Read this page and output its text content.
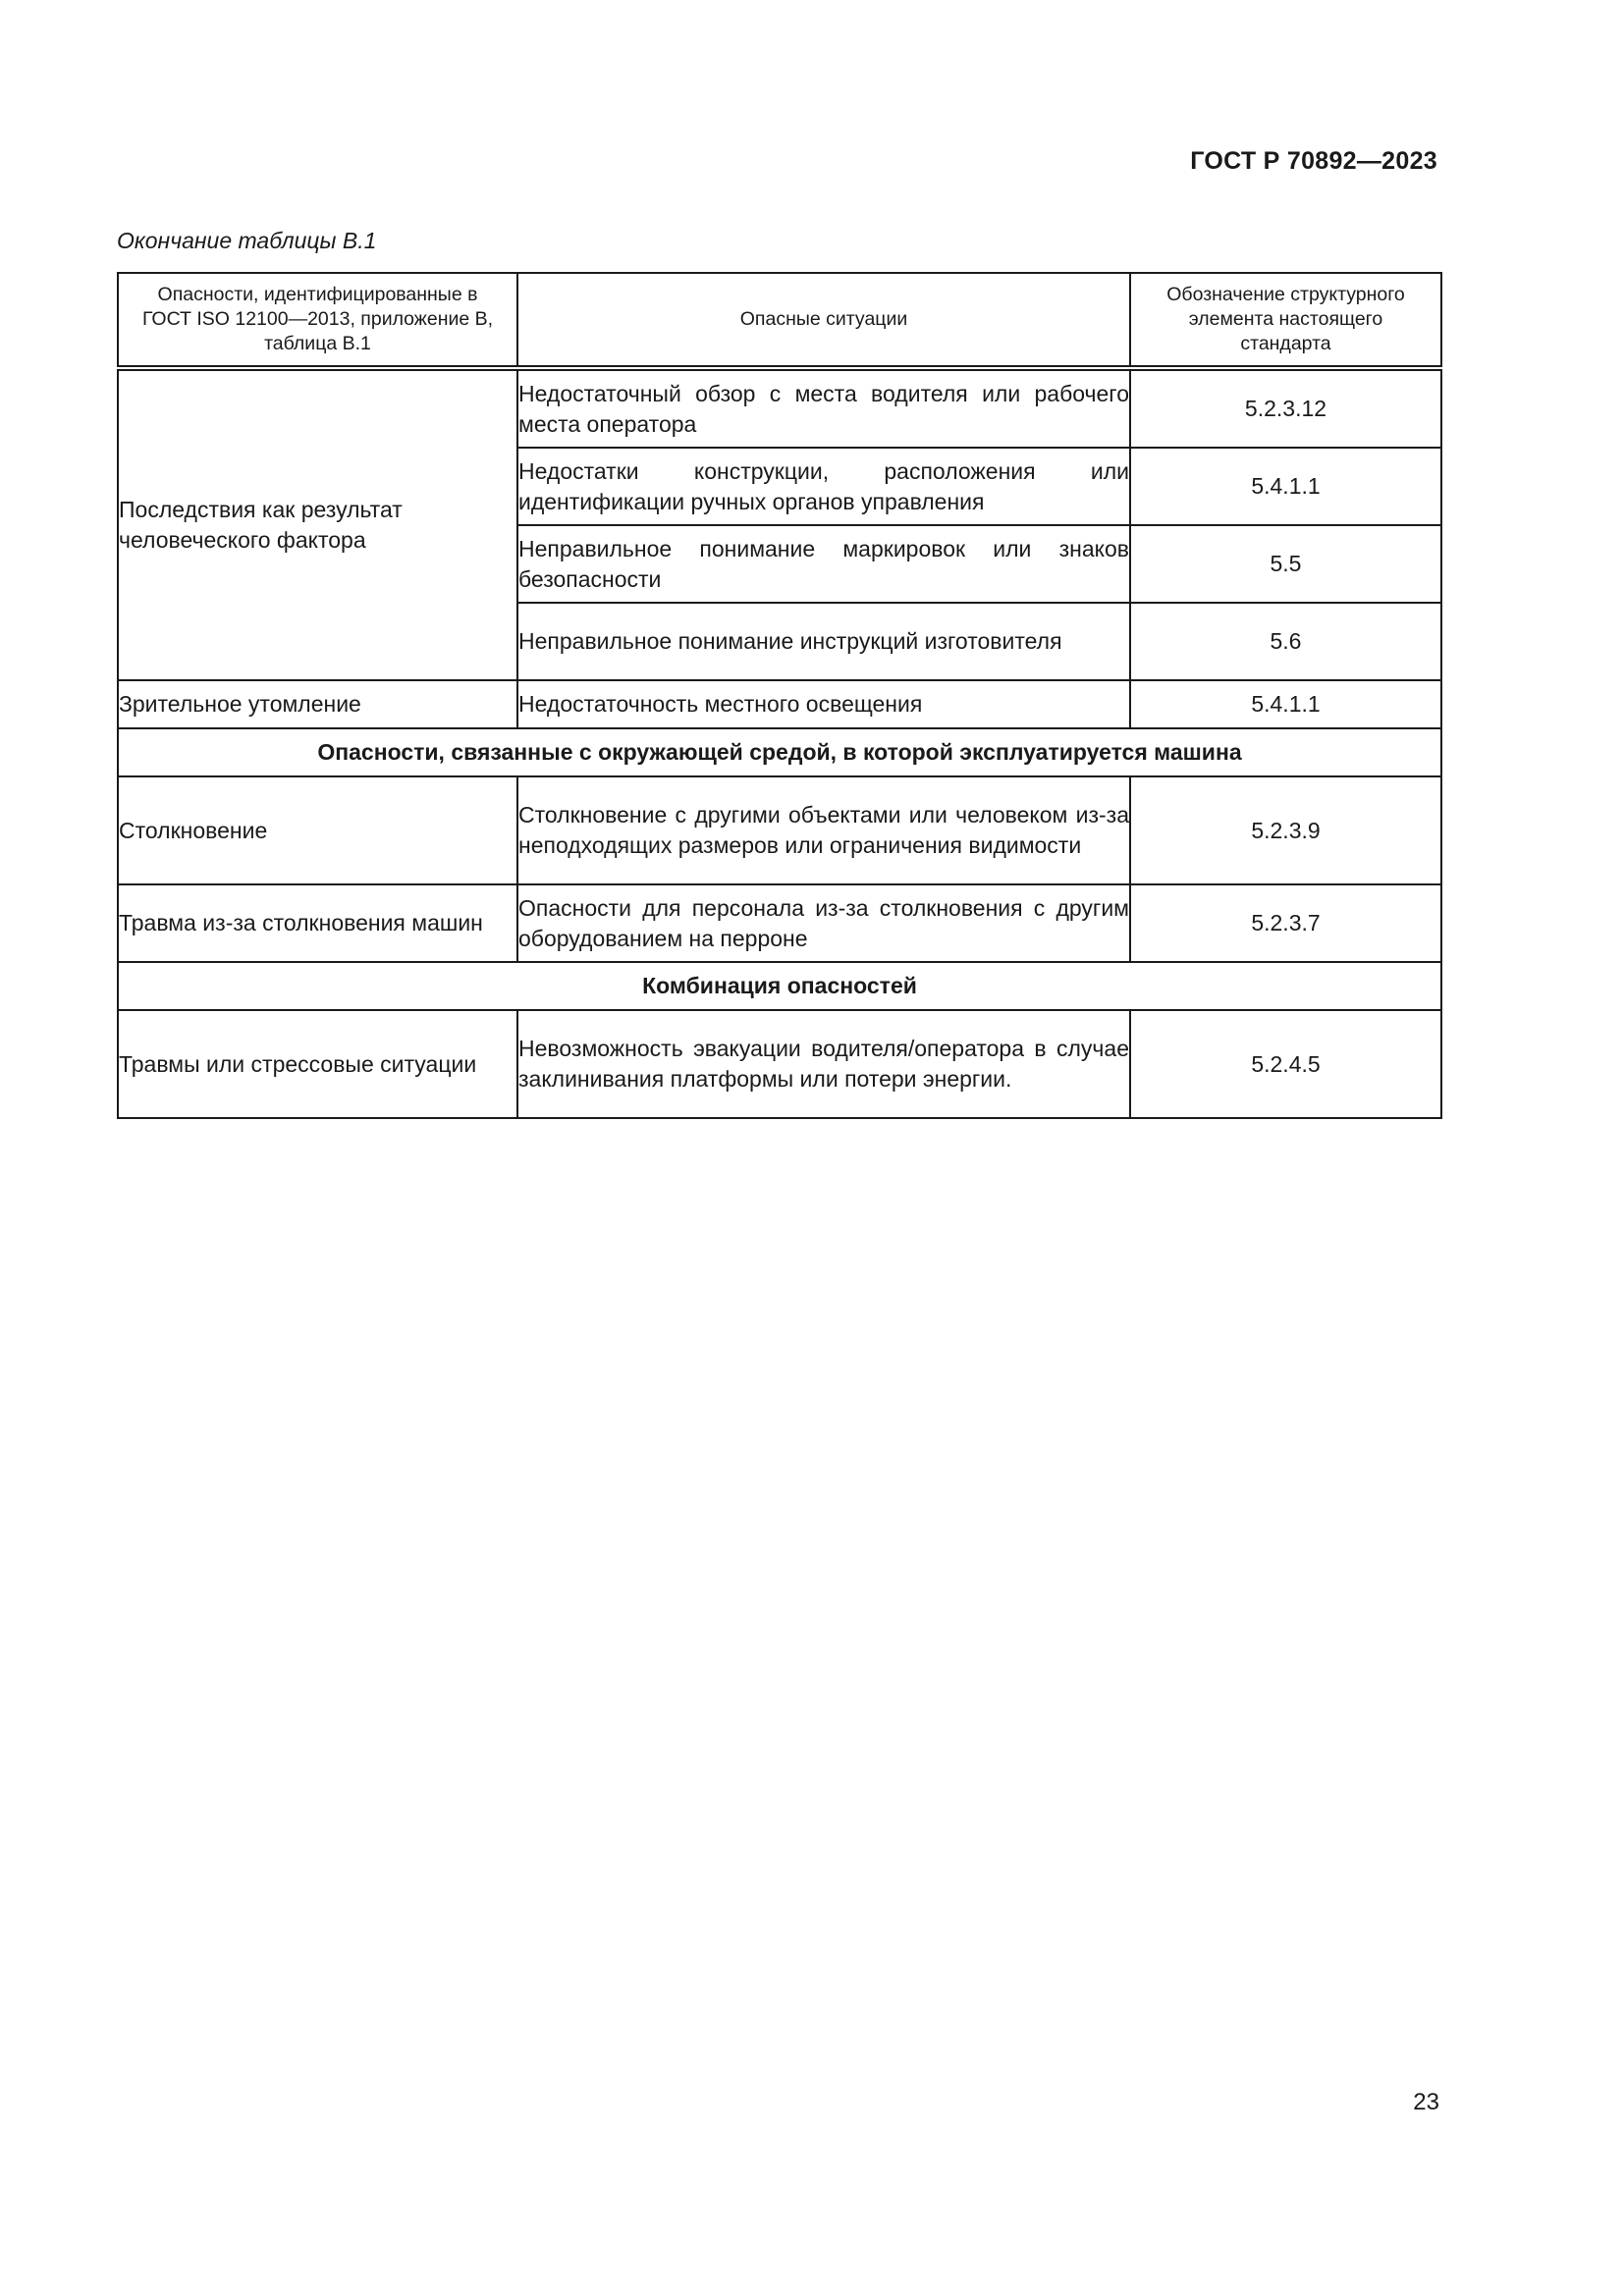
ГОСТ Р 70892—2023
Окончание таблицы В.1
Опасности, идентифицированные в ГОСТ ISO 12100—2013, приложение В, таблица В.1	Опасные ситуации	Обозначение структурного элемента настоящего стандарта
Последствия как результат человеческого фактора	Недостаточный обзор с места водителя или рабочего места оператора	5.2.3.12
	Недостатки конструкции, расположения или идентификации ручных органов управления	5.4.1.1
	Неправильное понимание маркировок или знаков безопасности	5.5
	Неправильное понимание инструкций изготовителя	5.6
Зрительное утомление	Недостаточность местного освещения	5.4.1.1
Опасности, связанные с окружающей средой, в которой эксплуатируется машина		
Столкновение	Столкновение с другими объектами или человеком из-за неподходящих размеров или ограничения видимости	5.2.3.9
Травма из-за столкновения машин	Опасности для персонала из-за столкновения с другим оборудованием на перроне	5.2.3.7
Комбинация опасностей		
Травмы или стрессовые ситуации	Невозможность эвакуации водителя/оператора в случае заклинивания платформы или потери энергии.	5.2.4.5
23
